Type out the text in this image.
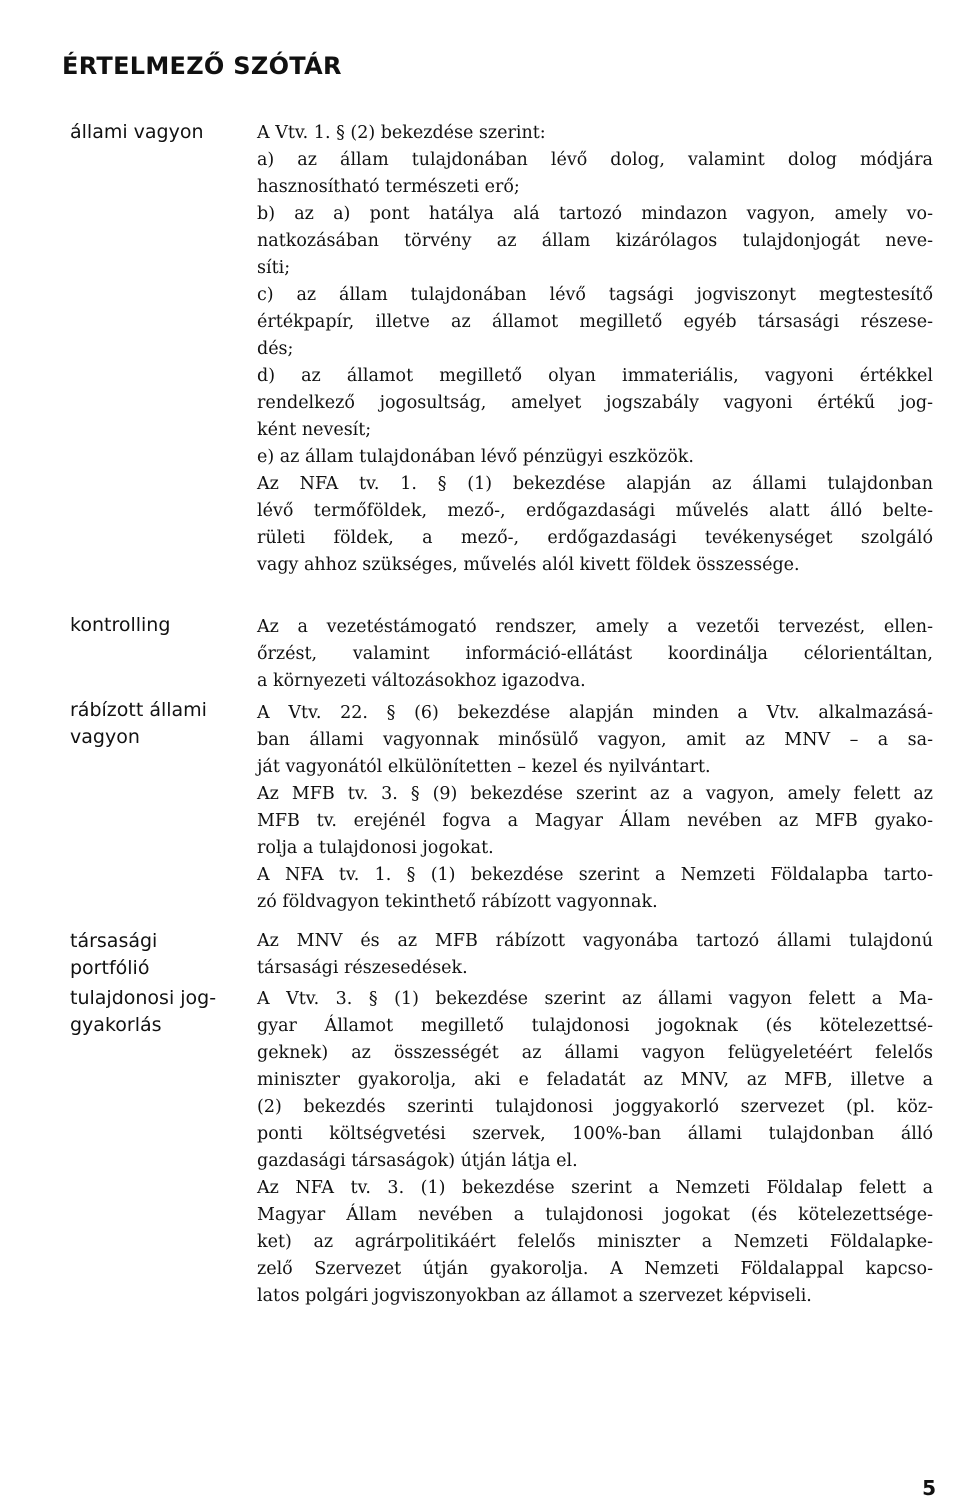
ÉRTELMEZŐ SZÓTÁR
állami vagyon	A Vtv. 1. § (2) bekezdése szerint:

a) az állam tulajdonában lévő dolog, valamint dolog módjára

hasznosítható természeti erő;

b) az a) pont hatálya alá tartozó mindazon vagyon, amely vo-

natkozásában törvény az állam kizárólagos tulajdonjogát neve-

síti;

c) az állam tulajdonában lévő tagsági jogviszonyt megtestesítő

értékpapír, illetve az államot megillető egyéb társasági részese-

dés;

d) az államot megillető olyan immateriális, vagyoni értékkel

rendelkező jogosultság, amelyet jogszabály vagyoni értékű jog-

ként nevesít;

e) az állam tulajdonában lévő pénzügyi eszközök.

Az NFA tv. 1. § (1) bekezdése alapján az állami tulajdonban

lévő termőföldek, mező-, erdőgazdasági művelés alatt álló belte-

rületi földek, a mező-, erdőgazdasági tevékenységet szolgáló

vagy ahhoz szükséges, művelés alól kivett földek összessége.

kontrolling	Az a vezetéstámogató rendszer, amely a vezetői tervezést, ellen-

őrzést, valamint információ-ellátást koordinálja célorientáltan,

a környezeti változásokhoz igazodva.

rábízott állami
vagyon

A Vtv. 22. § (6) bekezdése alapján minden a Vtv. alkalmazásá-

ban állami vagyonnak minősülő vagyon, amit az MNV – a sa-

ját vagyonától elkülönítetten – kezel és nyilvántart.

Az MFB tv. 3. § (9) bekezdése szerint az a vagyon, amely felett az

MFB tv. erejénél fogva a Magyar Állam nevében az MFB gyako-

rolja a tulajdonosi jogokat.

A NFA tv. 1. § (1) bekezdése szerint a Nemzeti Földalapba tarto-

zó földvagyon tekinthető rábízott vagyonnak.

társasági
portfólió

Az MNV és az MFB rábízott vagyonába tartozó állami tulajdonú

társasági részesedések.

tulajdonosi jog-
gyakorlás

A Vtv. 3. § (1) bekezdése szerint az állami vagyon felett a Ma-

gyar Államot megillető tulajdonosi jogoknak (és kötelezettsé-

geknek) az összességét az állami vagyon felügyeletéért felelős

miniszter gyakorolja, aki e feladatát az MNV, az MFB, illetve a

(2) bekezdés szerinti tulajdonosi joggyakorló szervezet (pl. köz-

ponti költségvetési szervek, 100%-ban állami tulajdonban álló

gazdasági társaságok) útján látja el.

Az NFA tv. 3. (1) bekezdése szerint a Nemzeti Földalap felett a

Magyar Állam nevében a tulajdonosi jogokat (és kötelezettsége-

ket) az agrárpolitikáért felelős miniszter a Nemzeti Földalapke-

zelő Szervezet útján gyakorolja. A Nemzeti Földalappal kapcso-

latos polgári jogviszonyokban az államot a szervezet képviseli.

5
